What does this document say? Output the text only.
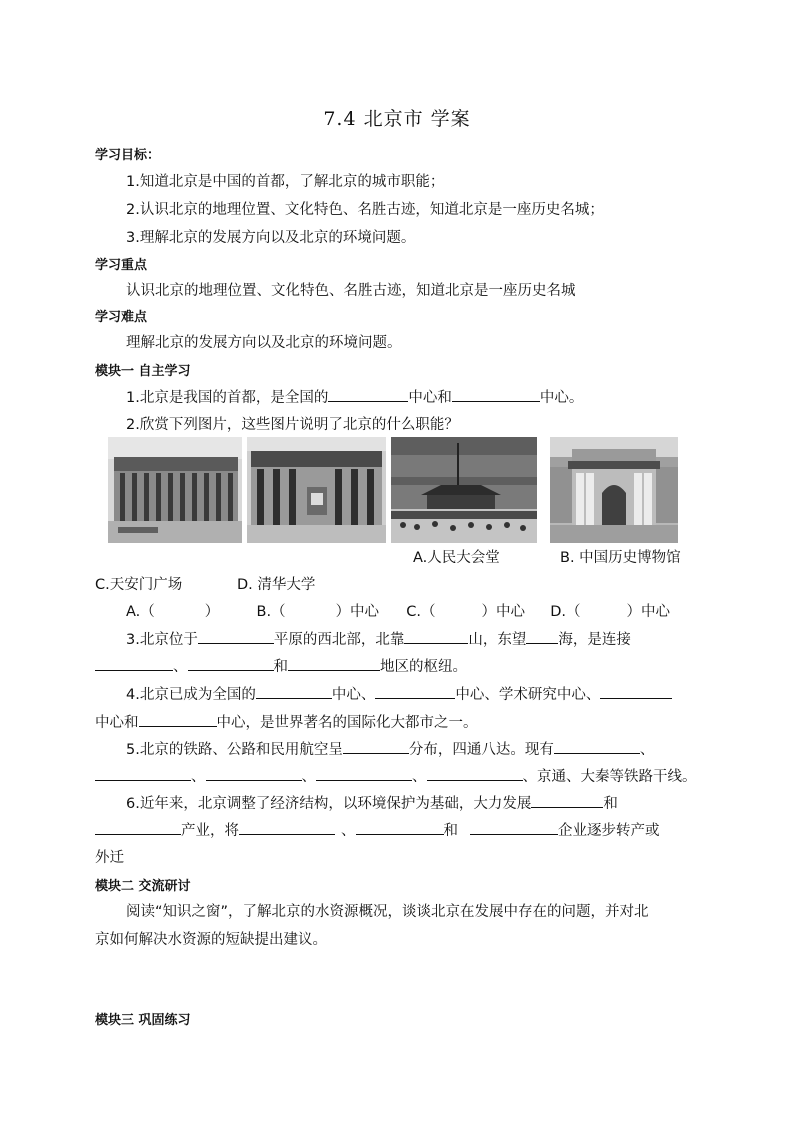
7.4 北京市 学案
学习目标：
1.知道北京是中国的首都，了解北京的城市职能；
2.认识北京的地理位置、文化特色、名胜古迹，知道北京是一座历史名城；
3.理解北京的发展方向以及北京的环境问题。
学习重点
认识北京的地理位置、文化特色、名胜古迹，知道北京是一座历史名城
学习难点
理解北京的发展方向以及北京的环境问题。
模块一 自主学习
1.北京是我国的首都，是全国的	中心和	中心。
2.欣赏下列图片，这些图片说明了北京的什么职能？
A.人民大会堂	B. 中国历史博物馆
C.天安门广场	D. 清华大学
A.（	）	B.（	）中心 C.（	）中心 D.（	）中心
3.北京位于	平原的西北部，北靠	山，东望 海，是连接
、	和	地区的枢纽。
4.北京已成为全国的	中心、	中心、学术研究中心、
中心和	中心，是世界著名的国际化大都市之一。
5.北京的铁路、公路和民用航空呈	分布，四通八达。现有	、
、	、	、	、京通、大秦等铁路干线。
6.近年来，北京调整了经济结构，以环境保护为基础，大力发展	和
产业，将	、	和	企业逐步转产或
外迁
模块二 交流研讨
阅读“知识之窗”，了解北京的水资源概况，谈谈北京在发展中存在的问题，并对北
京如何解决水资源的短缺提出建议。
模块三 巩固练习
